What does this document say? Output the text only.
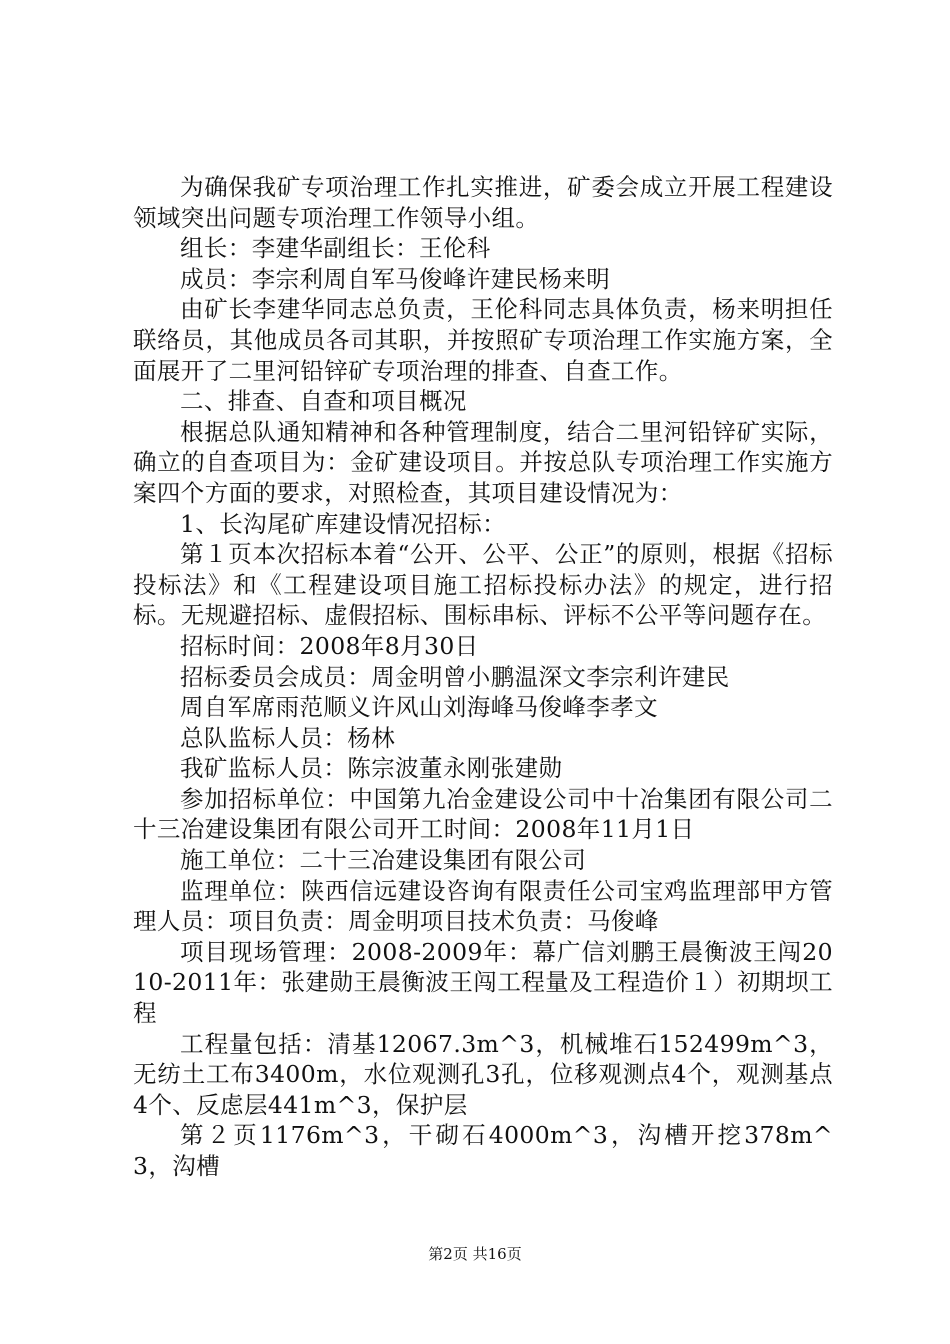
为确保我矿专项治理工作扎实推进，矿委会成立开展工程建设领域突出问题专项治理工作领导小组。

组长：李建华副组长：王伦科

成员：李宗利周自军马俊峰许建民杨来明

由矿长李建华同志总负责，王伦科同志具体负责，杨来明担任联络员，其他成员各司其职，并按照矿专项治理工作实施方案，全面展开了二里河铅锌矿专项治理的排查、自查工作。

二、排查、自查和项目概况

根据总队通知精神和各种管理制度，结合二里河铅锌矿实际，确立的自查项目为：金矿建设项目。并按总队专项治理工作实施方案四个方面的要求，对照检查，其项目建设情况为：

1、长沟尾矿库建设情况招标：

第１页本次招标本着“公开、公平、公正”的原则，根据《招标投标法》和《工程建设项目施工招标投标办法》的规定，进行招标。无规避招标、虚假招标、围标串标、评标不公平等问题存在。

招标时间：2008年8月30日

招标委员会成员：周金明曾小鹏温深文李宗利许建民

周自军席雨范顺义许风山刘海峰马俊峰李孝文

总队监标人员：杨林

我矿监标人员：陈宗波董永刚张建勋

参加招标单位：中国第九冶金建设公司中十冶集团有限公司二十三冶建设集团有限公司开工时间：2008年11月1日

施工单位：二十三冶建设集团有限公司

监理单位：陕西信远建设咨询有限责任公司宝鸡监理部甲方管理人员：项目负责：周金明项目技术负责：马俊峰

项目现场管理：2008-2009年：幕广信刘鹏王晨衡波王闯2010-2011年：张建勋王晨衡波王闯工程量及工程造价１）初期坝工程

工程量包括：清基12067.3m^3，机械堆石152499m^3，无纺土工布3400m，水位观测孔3孔，位移观测点4个，观测基点4个、反虑层441m^3，保护层

第２页1176m^3，干砌石4000m^3，沟槽开挖378m^3，沟槽

第2页 共16页
